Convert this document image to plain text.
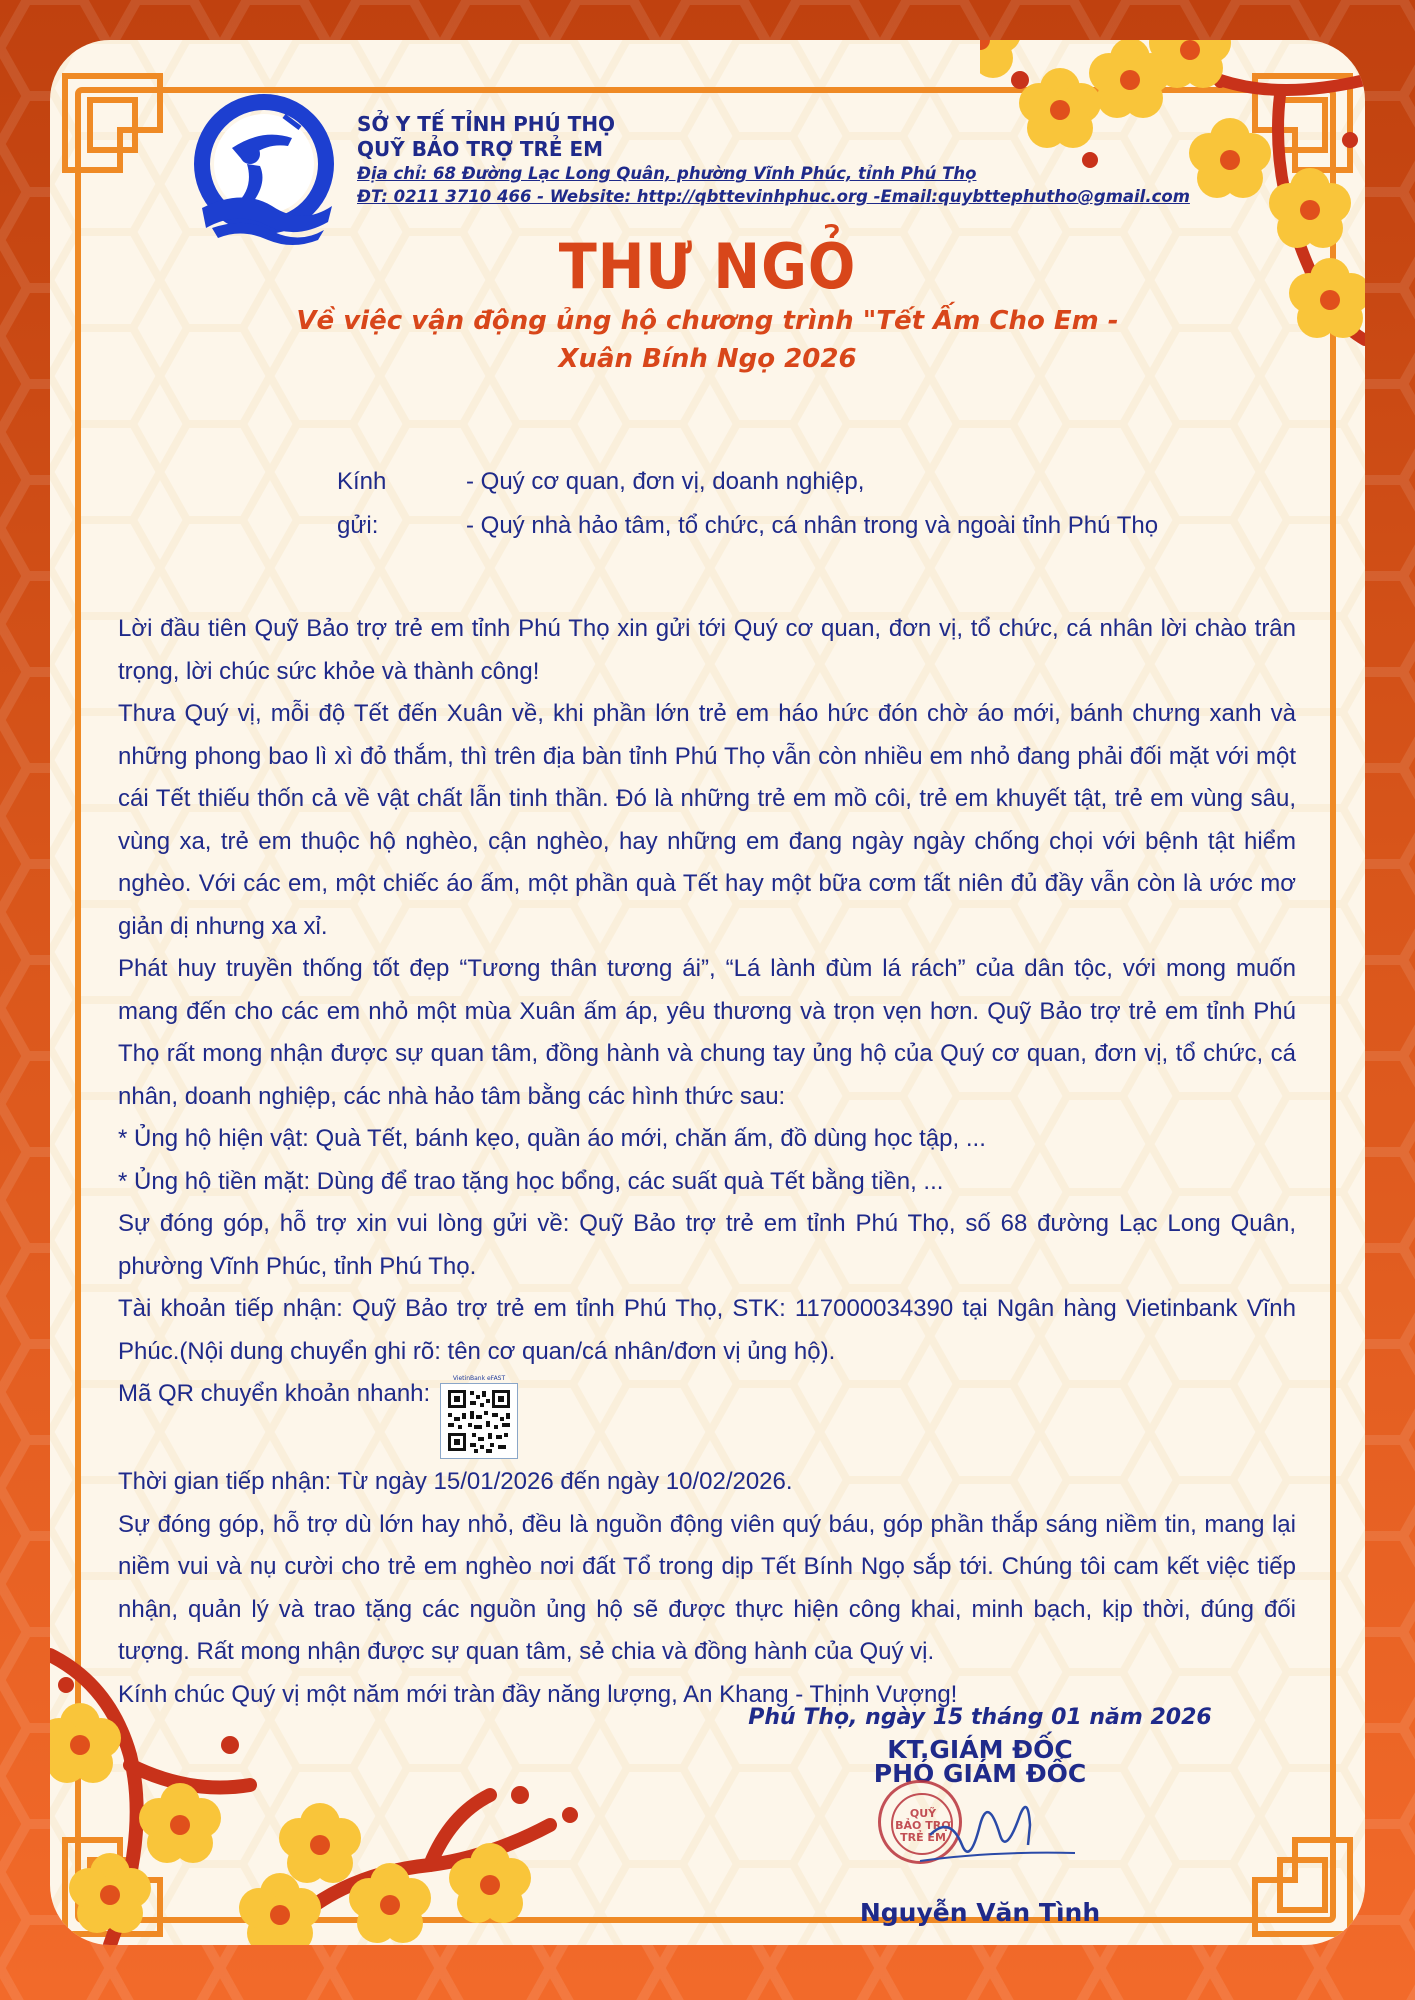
SỞ Y TẾ TỈNH PHÚ THỌ
QUỸ BẢO TRỢ TRẺ EM
Địa chỉ: 68 Đường Lạc Long Quân, phường Vĩnh Phúc, tỉnh Phú Thọ
ĐT: 0211 3710 466 - Website: http://qbttevinhphuc.org -Email:quybttephutho@gmail.com
THƯ NGỎ
Về việc vận động ủng hộ chương trình "Tết Ấm Cho Em -
Xuân Bính Ngọ 2026
Kính gửi:
- Quý cơ quan, đơn vị, doanh nghiệp,
- Quý nhà hảo tâm, tổ chức, cá nhân trong và ngoài tỉnh Phú Thọ

Lời đầu tiên Quỹ Bảo trợ trẻ em tỉnh Phú Thọ xin gửi tới Quý cơ quan, đơn vị, tổ chức, cá nhân lời chào trân trọng, lời chúc sức khỏe và thành công!

Thưa Quý vị, mỗi độ Tết đến Xuân về, khi phần lớn trẻ em háo hức đón chờ áo mới, bánh chưng xanh và những phong bao lì xì đỏ thắm, thì trên địa bàn tỉnh Phú Thọ vẫn còn nhiều em nhỏ đang phải đối mặt với một cái Tết thiếu thốn cả về vật chất lẫn tinh thần. Đó là những trẻ em mồ côi, trẻ em khuyết tật, trẻ em vùng sâu, vùng xa, trẻ em thuộc hộ nghèo, cận nghèo, hay những em đang ngày ngày chống chọi với bệnh tật hiểm nghèo. Với các em, một chiếc áo ấm, một phần quà Tết hay một bữa cơm tất niên đủ đầy vẫn còn là ước mơ giản dị nhưng xa xỉ.

Phát huy truyền thống tốt đẹp “Tương thân tương ái”, “Lá lành đùm lá rách” của dân tộc, với mong muốn mang đến cho các em nhỏ một mùa Xuân ấm áp, yêu thương và trọn vẹn hơn. Quỹ Bảo trợ trẻ em tỉnh Phú Thọ rất mong nhận được sự quan tâm, đồng hành và chung tay ủng hộ của Quý cơ quan, đơn vị, tổ chức, cá nhân, doanh nghiệp, các nhà hảo tâm bằng các hình thức sau:

* Ủng hộ hiện vật: Quà Tết, bánh kẹo, quần áo mới, chăn ấm, đồ dùng học tập, ...

* Ủng hộ tiền mặt: Dùng để trao tặng học bổng, các suất quà Tết bằng tiền, ...

Sự đóng góp, hỗ trợ xin vui lòng gửi về: Quỹ Bảo trợ trẻ em tỉnh Phú Thọ, số 68 đường Lạc Long Quân, phường Vĩnh Phúc, tỉnh Phú Thọ.

Tài khoản tiếp nhận: Quỹ Bảo trợ trẻ em tỉnh Phú Thọ, STK: 117000034390 tại Ngân hàng Vietinbank Vĩnh Phúc.(Nội dung chuyển ghi rõ: tên cơ quan/cá nhân/đơn vị ủng hộ).

Mã QR chuyển khoản nhanh:
VietinBank eFAST

Thời gian tiếp nhận: Từ ngày 15/01/2026 đến ngày 10/02/2026.

Sự đóng góp, hỗ trợ dù lớn hay nhỏ, đều là nguồn động viên quý báu, góp phần thắp sáng niềm tin, mang lại niềm vui và nụ cười cho trẻ em nghèo nơi đất Tổ trong dịp Tết Bính Ngọ sắp tới. Chúng tôi cam kết việc tiếp nhận, quản lý và trao tặng các nguồn ủng hộ sẽ được thực hiện công khai, minh bạch, kịp thời, đúng đối tượng. Rất mong nhận được sự quan tâm, sẻ chia và đồng hành của Quý vị.

Kính chúc Quý vị một năm mới tràn đầy năng lượng, An Khang - Thịnh Vượng!

Phú Thọ, ngày 15 tháng 01 năm 2026
KT.GIÁM ĐỐC
PHÓ GIÁM ĐỐC
QUỸ
BẢO TRỢ
TRẺ EM
Nguyễn Văn Tình
